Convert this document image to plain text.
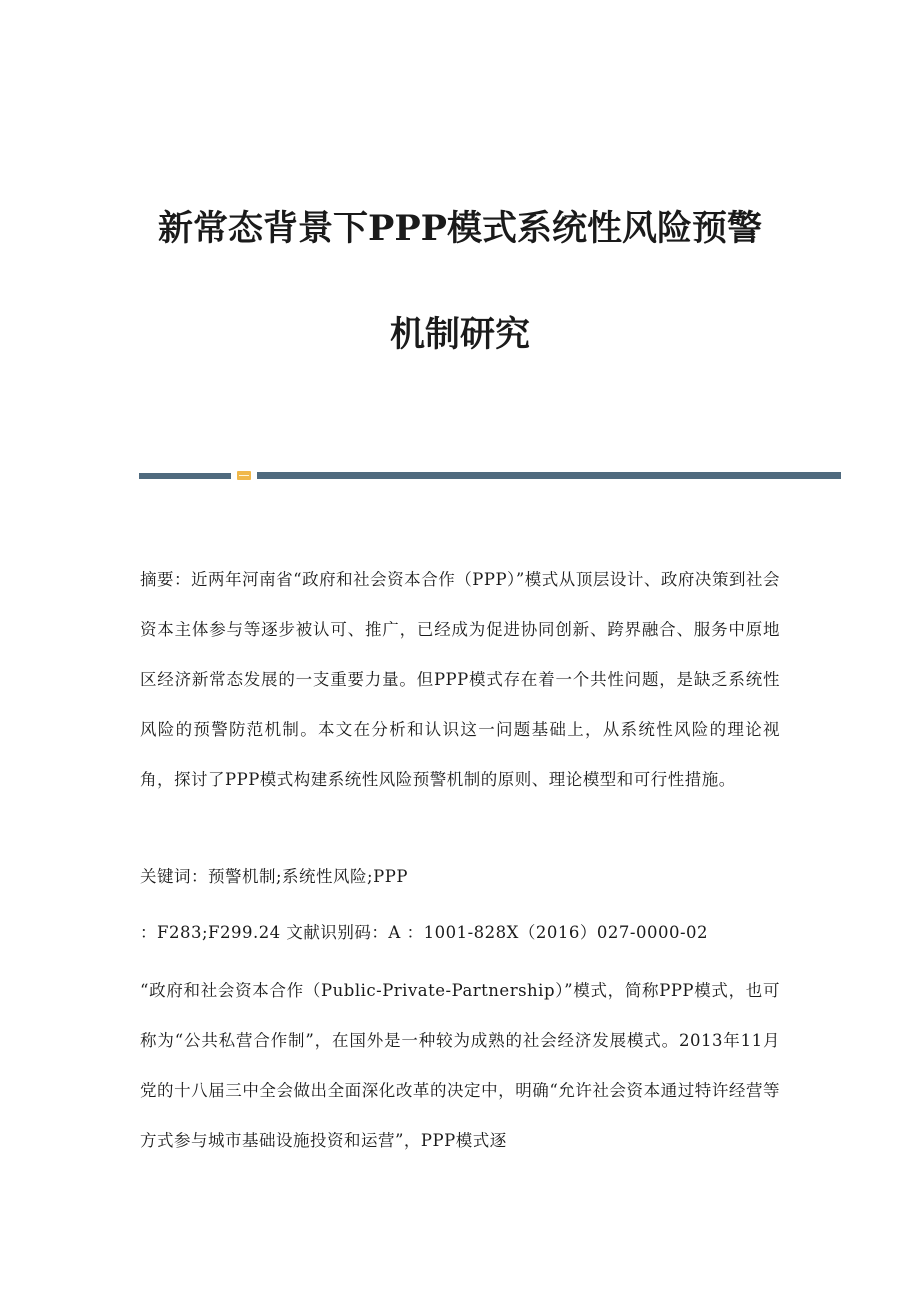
新常态背景下PPP模式系统性风险预警
机制研究

摘要：近两年河南省“政府和社会资本合作（PPP）”模式从顶层设计、政府决策到社会资本主体参与等逐步被认可、推广，已经成为促进协同创新、跨界融合、服务中原地区经济新常态发展的一支重要力量。但PPP模式存在着一个共性问题，是缺乏系统性风险的预警防范机制。本文在分析和认识这一问题基础上，从系统性风险的理论视角，探讨了PPP模式构建系统性风险预警机制的原则、理论模型和可行性措施。

关键词：预警机制;系统性风险;PPP

：F283;F299.24 文献识别码：A ：1001-828X（2016）027-0000-02

“政府和社会资本合作（Public-Private-Partnership）”模式，简称PPP模式，也可称为“公共私营合作制”，在国外是一种较为成熟的社会经济发展模式。2013年11月党的十八届三中全会做出全面深化改革的决定中，明确“允许社会资本通过特许经营等方式参与城市基础设施投资和运营”，PPP模式逐
